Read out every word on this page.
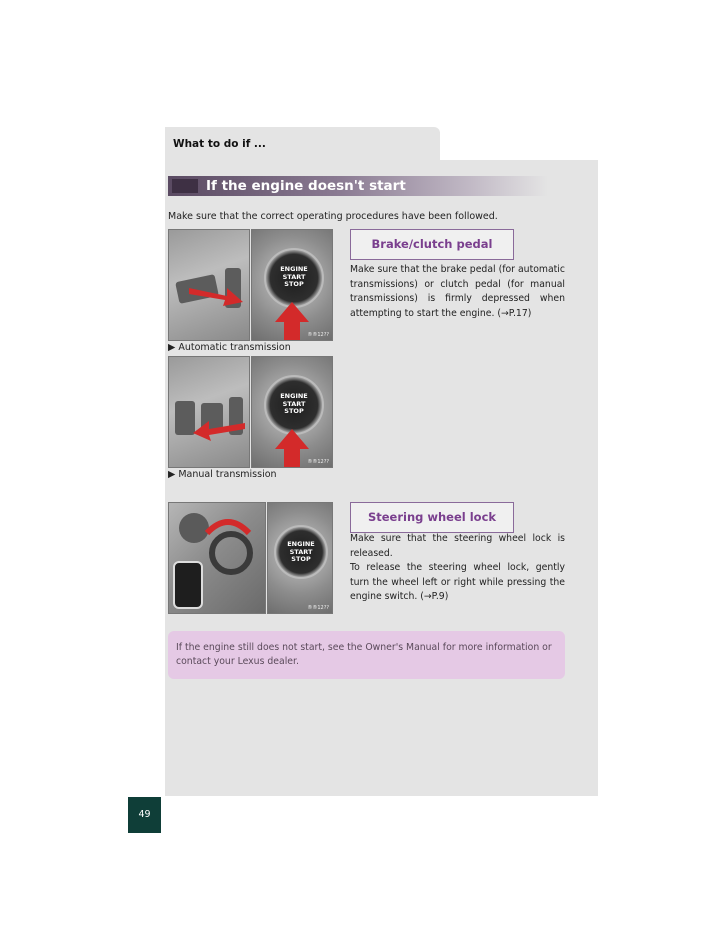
What to do if ...
If the engine doesn't start
Make sure that the correct operating procedures have been followed.
ENGINE
START
STOP
®®12??
▶ Automatic transmission
ENGINE
START
STOP
®®12??
▶ Manual transmission
Brake/clutch pedal
Make sure that the brake pedal (for automatic transmissions) or clutch pedal (for manual transmissions) is firmly depressed when attempting to start the engine. (→P.17)
ENGINE
START
STOP
®®12??
Steering wheel lock
Make sure that the steering wheel lock is released.
To release the steering wheel lock, gently turn the wheel left or right while pressing the engine switch. (→P.9)
If the engine still does not start, see the Owner's Manual for more information or contact your Lexus dealer.
49
